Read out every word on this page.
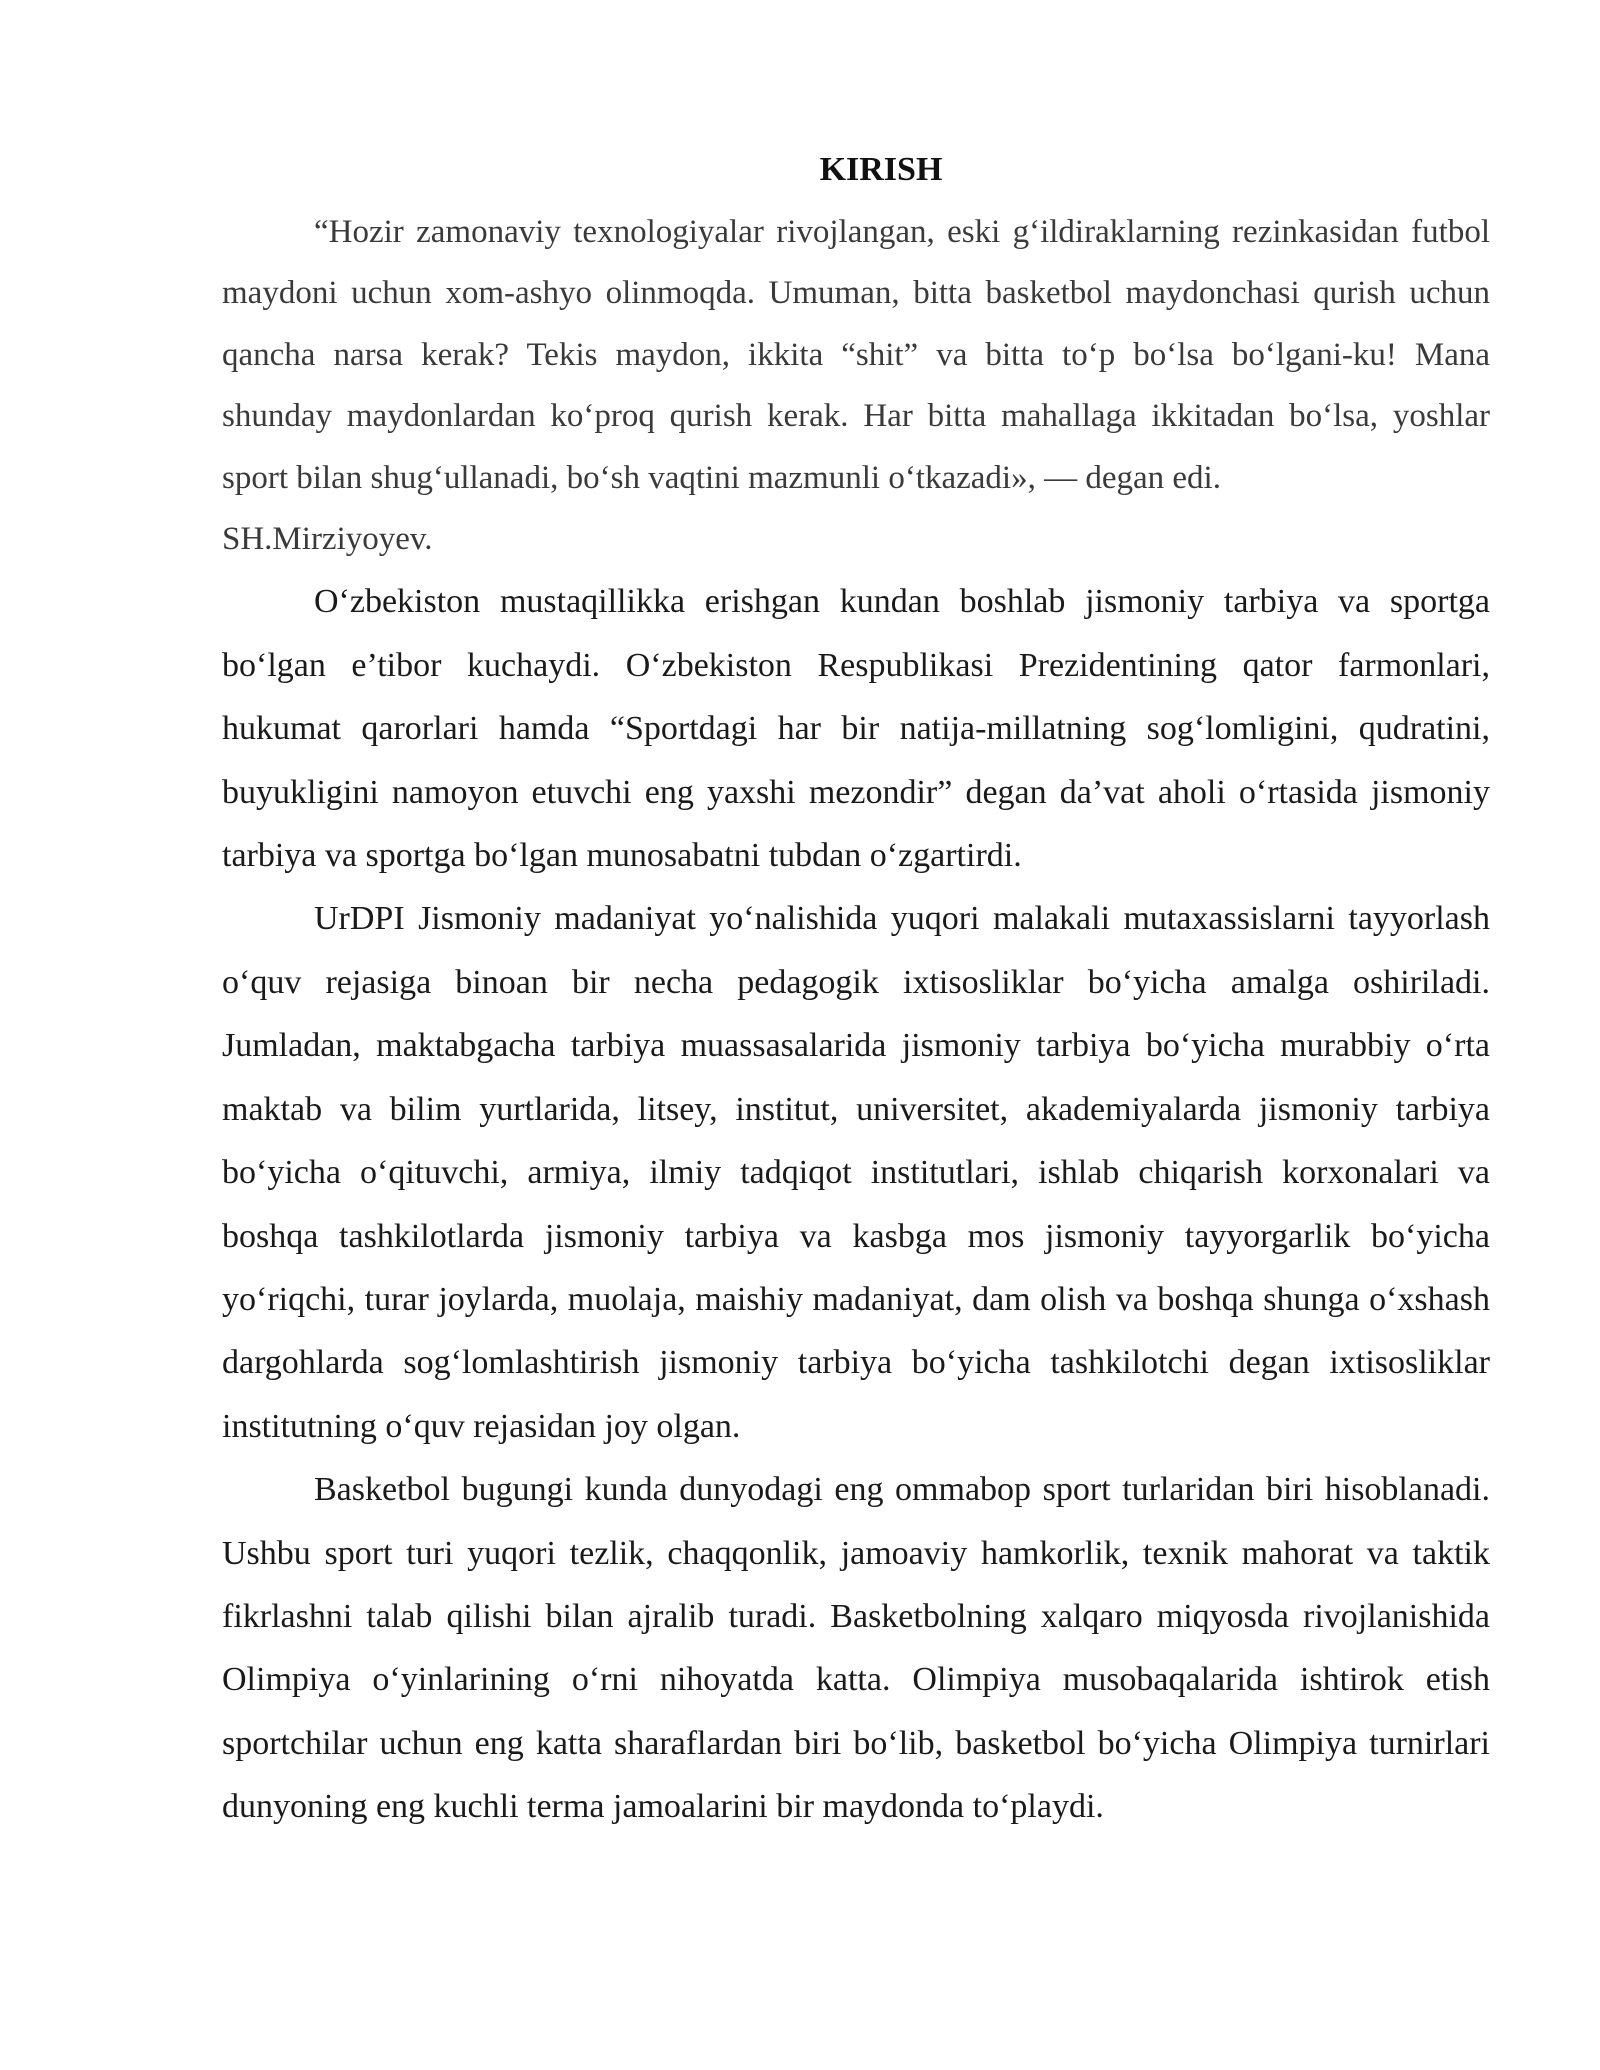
KIRISH

“Hozir zamonaviy texnologiyalar rivojlangan, eski g‘ildiraklarning rezinkasidan futbol maydoni uchun xom-ashyo olinmoqda. Umuman, bitta basketbol maydonchasi qurish uchun qancha narsa kerak? Tekis maydon, ikkita “shit” va bitta to‘p bo‘lsa bo‘lgani-ku! Mana shunday maydonlardan ko‘proq qurish kerak. Har bitta mahallaga ikkitadan bo‘lsa, yoshlar sport bilan shug‘ullanadi, bo‘sh vaqtini mazmunli o‘tkazadi», — degan edi.

SH.Mirziyoyev.

O‘zbekiston mustaqillikka erishgan kundan boshlab jismoniy tarbiya va sportga bo‘lgan e’tibor kuchaydi. O‘zbekiston Respublikasi Prezidentining qator farmonlari, hukumat qarorlari hamda “Sportdagi har bir natija-millatning sog‘lomligini, qudratini, buyukligini namoyon etuvchi eng yaxshi mezondir” degan da’vat aholi o‘rtasida jismoniy tarbiya va sportga bo‘lgan munosabatni tubdan o‘zgartirdi.

UrDPI Jismoniy madaniyat yo‘nalishida yuqori malakali mutaxassislarni tayyorlash o‘quv rejasiga binoan bir necha pedagogik ixtisosliklar bo‘yicha amalga oshiriladi. Jumladan, maktabgacha tarbiya muassasalarida jismoniy tarbiya bo‘yicha murabbiy o‘rta maktab va bilim yurtlarida, litsey, institut, universitet, akademiyalarda jismoniy tarbiya bo‘yicha o‘qituvchi, armiya, ilmiy tadqiqot institutlari, ishlab chiqarish korxonalari va boshqa tashkilotlarda jismoniy tarbiya va kasbga mos jismoniy tayyorgarlik bo‘yicha yo‘riqchi, turar joylarda, muolaja, maishiy madaniyat, dam olish va boshqa shunga o‘xshash dargohlarda sog‘lomlashtirish jismoniy tarbiya bo‘yicha tashkilotchi degan ixtisosliklar institutning o‘quv rejasidan joy olgan.

Basketbol bugungi kunda dunyodagi eng ommabop sport turlaridan biri hisoblanadi. Ushbu sport turi yuqori tezlik, chaqqonlik, jamoaviy hamkorlik, texnik mahorat va taktik fikrlashni talab qilishi bilan ajralib turadi. Basketbolning xalqaro miqyosda rivojlanishida Olimpiya o‘yinlarining o‘rni nihoyatda katta. Olimpiya musobaqalarida ishtirok etish sportchilar uchun eng katta sharaflardan biri bo‘lib, basketbol bo‘yicha Olimpiya turnirlari dunyoning eng kuchli terma jamoalarini bir maydonda to‘playdi.
